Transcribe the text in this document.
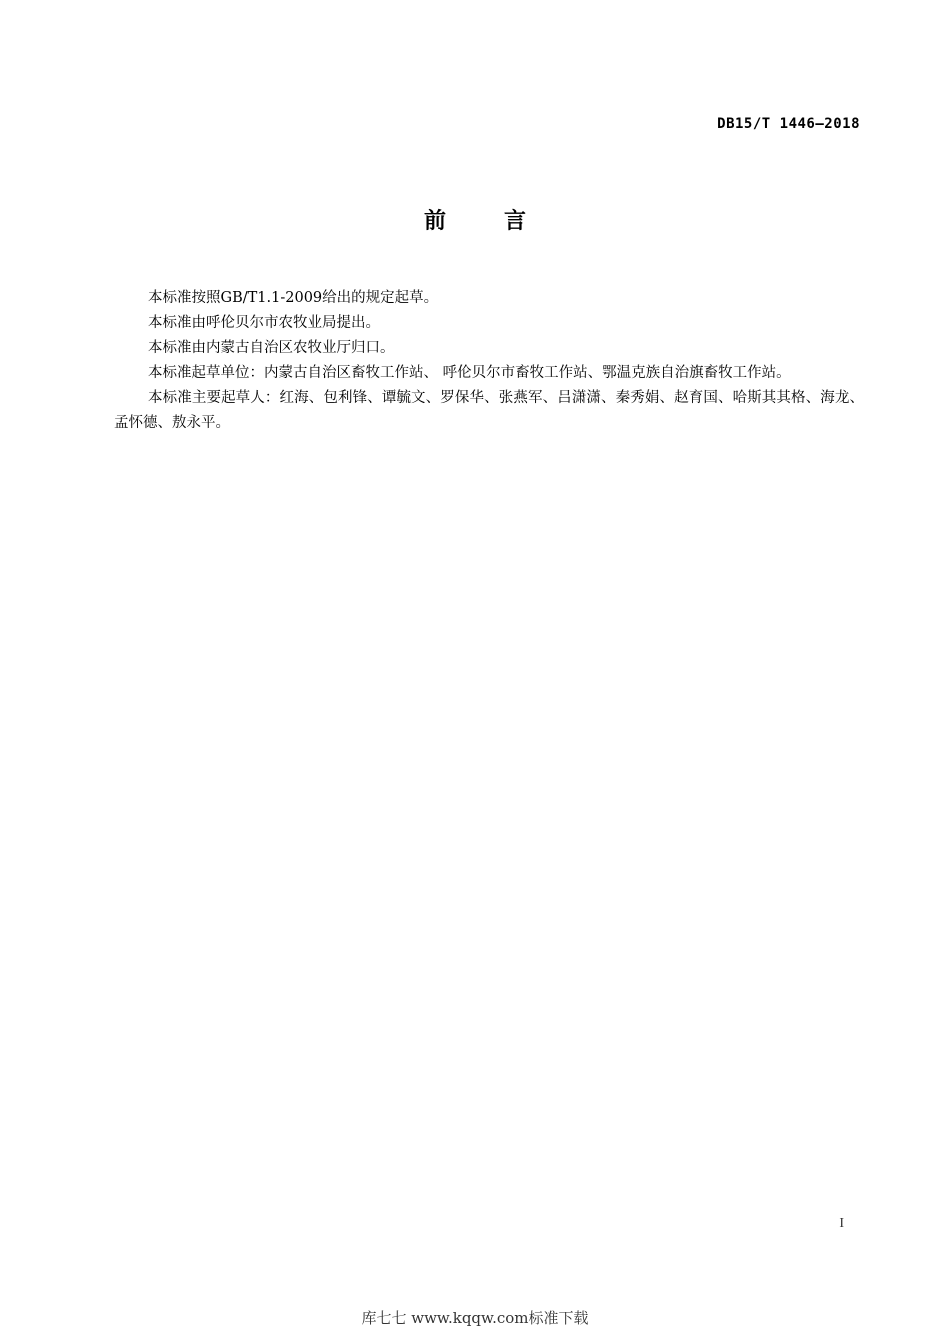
DB15/T 1446—2018
前言

本标准按照GB/T1.1-2009给出的规定起草。

本标准由呼伦贝尔市农牧业局提出。

本标准由内蒙古自治区农牧业厅归口。

本标准起草单位：内蒙古自治区畜牧工作站、 呼伦贝尔市畜牧工作站、鄂温克族自治旗畜牧工作站。

本标准主要起草人：红海、包利锋、谭毓文、罗保华、张燕军、吕潇潇、秦秀娟、赵育国、哈斯其其格、海龙、孟怀德、敖永平。

I
库七七 www.kqqw.com标准下载
